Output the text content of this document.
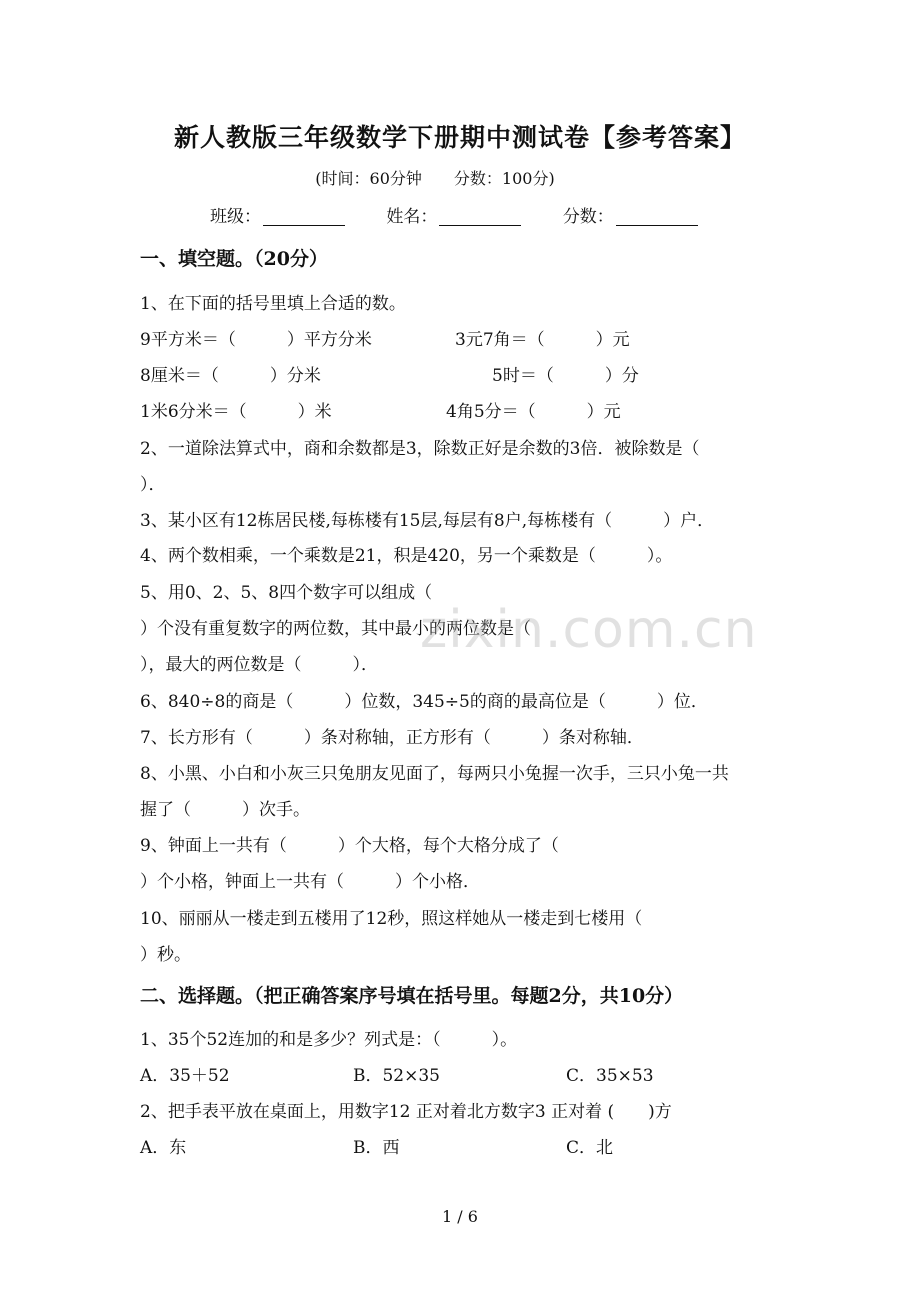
新人教版三年级数学下册期中测试卷【参考答案】
(时间：60分钟　　分数：100分)
班级：	姓名：	分数：
一、填空题。（20分）
1、在下面的括号里填上合适的数。
9平方米＝（　　　）平方分米	3元7角＝（　　　）元
8厘米＝（　　　）分米	5时＝（　　　）分
1米6分米＝（　　　）米	4角5分＝（　　　）元
2、一道除法算式中，商和余数都是3，除数正好是余数的3倍．被除数是（
）．
3、某小区有12栋居民楼,每栋楼有15层,每层有8户,每栋楼有（　　　）户．
4、两个数相乘，一个乘数是21，积是420，另一个乘数是（　　　）。
5、用0、2、5、8四个数字可以组成（
）个没有重复数字的两位数，其中最小的两位数是（
），最大的两位数是（　　　）．
6、840÷8的商是（　　　）位数，345÷5的商的最高位是（　　　）位．
7、长方形有（　　　）条对称轴，正方形有（　　　）条对称轴．
8、小黑、小白和小灰三只兔朋友见面了，每两只小兔握一次手，三只小兔一共
握了（　　　）次手。
9、钟面上一共有（　　　）个大格，每个大格分成了（
）个小格，钟面上一共有（　　　）个小格．
10、丽丽从一楼走到五楼用了12秒，照这样她从一楼走到七楼用（
）秒。
二、选择题。（把正确答案序号填在括号里。每题2分，共10分）
1、35个52连加的和是多少？列式是：（　　　）。
A．35＋52	B．52×35	C．35×53
2、把手表平放在桌面上，用数字12 正对着北方数字3 正对着 (　　)方
A．东	B．西	C．北
zixin.com.cn
1 / 6
